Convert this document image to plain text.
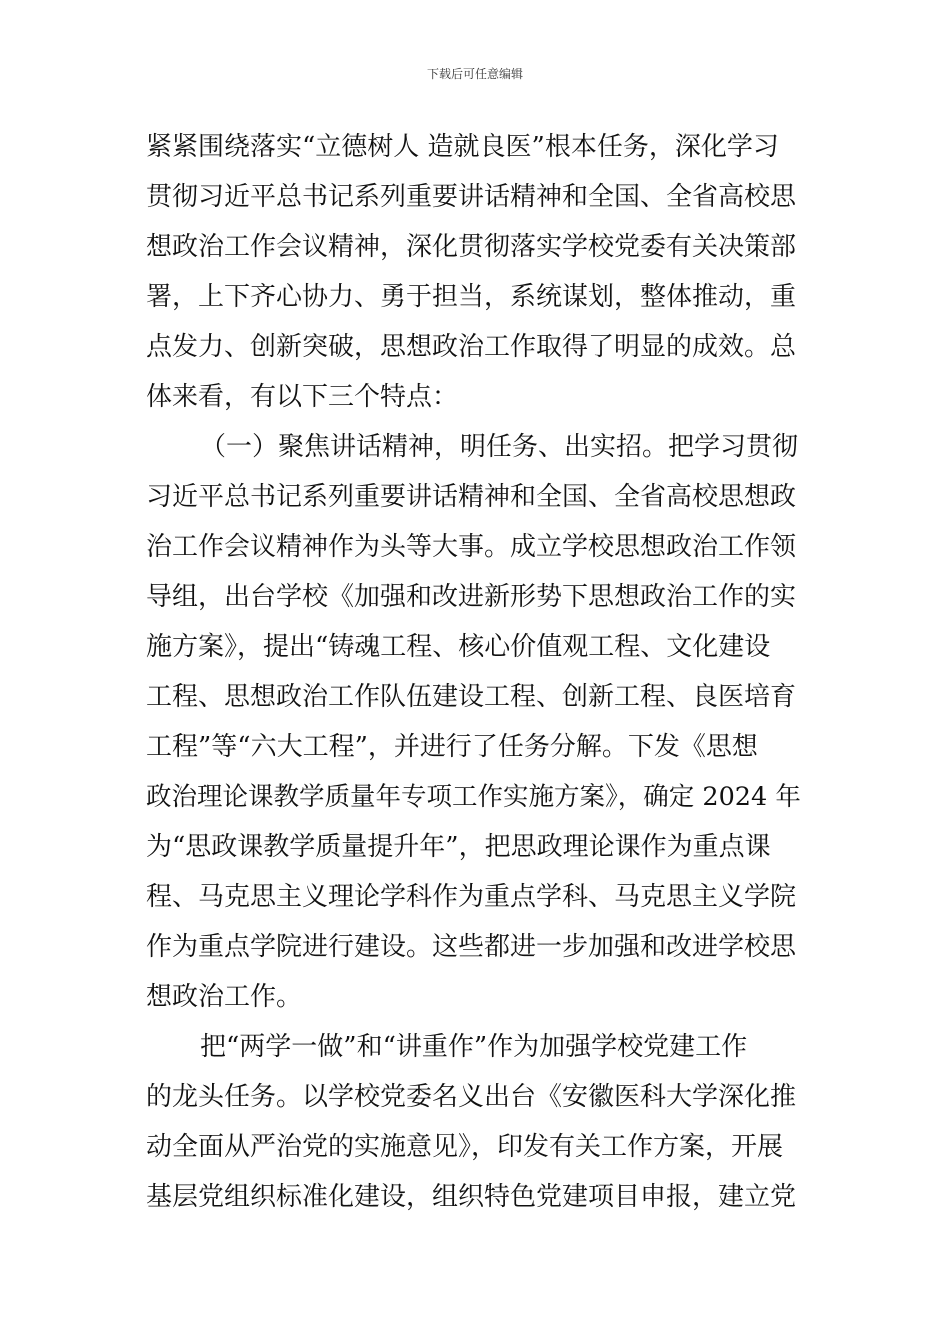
下载后可任意编辑
紧紧围绕落实“立德树人 造就良医”根本任务，深化学习
贯彻习近平总书记系列重要讲话精神和全国、全省高校思
想政治工作会议精神，深化贯彻落实学校党委有关决策部
署，上下齐心协力、勇于担当，系统谋划，整体推动，重
点发力、创新突破，思想政治工作取得了明显的成效。总
体来看，有以下三个特点：
（一）聚焦讲话精神，明任务、出实招。把学习贯彻
习近平总书记系列重要讲话精神和全国、全省高校思想政
治工作会议精神作为头等大事。成立学校思想政治工作领
导组，出台学校《加强和改进新形势下思想政治工作的实
施方案》，提出“铸魂工程、核心价值观工程、文化建设
工程、思想政治工作队伍建设工程、创新工程、良医培育
工程”等“六大工程”，并进行了任务分解。下发《思想
政治理论课教学质量年专项工作实施方案》，确定 2024 年
为“思政课教学质量提升年”，把思政理论课作为重点课
程、马克思主义理论学科作为重点学科、马克思主义学院
作为重点学院进行建设。这些都进一步加强和改进学校思
想政治工作。
把“两学一做”和“讲重作”作为加强学校党建工作
的龙头任务。以学校党委名义出台《安徽医科大学深化推
动全面从严治党的实施意见》，印发有关工作方案，开展
基层党组织标准化建设，组织特色党建项目申报，建立党
